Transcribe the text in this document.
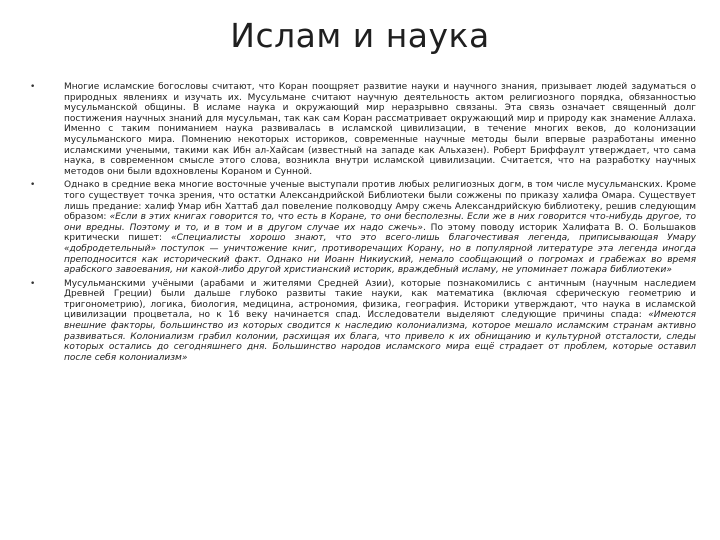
Ислам и наука
• Многие исламские богословы считают, что Коран поощряет развитие науки и научного знания, призывает людей задуматься о природных явлениях и изучать их. Мусульмане считают научную деятельность актом религиозного порядка, обязанностью мусульманской общины. В исламе наука и окружающий мир неразрывно связаны. Эта связь означает священный долг постижения научных знаний для мусульман, так как сам Коран рассматривает окружающий мир и природу как знамение Аллаха. Именно с таким пониманием наука развивалась в исламской цивилизации, в течение многих веков, до колонизации мусульманского мира. Помнению некоторых историков, современные научные методы были впервые разработаны именно исламскими учеными, такими как Ибн ал-Хайсам (известный на западе как Альхазен). Роберт Бриффаулт утверждает, что сама наука, в современном смысле этого слова, возникла внутри исламской цивилизации. Считается, что на разработку научных методов они были вдохновлены Кораном и Сунной.
• Однако в средние века многие восточные ученые выступали против любых религиозных догм, в том числе мусульманских. Кроме того существует точка зрения, что остатки Александрийской Библиотеки были сожжены по приказу халифа Омара. Существует лишь предание: халиф Умар ибн Хаттаб дал повеление полководцу Амру сжечь Александрийскую библиотеку, решив следующим образом: «Если в этих книгах говорится то, что есть в Коране, то они бесполезны. Если же в них говорится что-нибудь другое, то они вредны. Поэтому и то, и в том и в другом случае их надо сжечь». По этому поводу историк Халифата В. О. Большаков критически пишет: «Специалисты хорошо знают, что это всего-лишь благочестивая легенда, приписывающая Умару «добродетельный» поступок — уничтожение книг, противоречащих Корану, но в популярной литературе эта легенда иногда преподносится как исторический факт. Однако ни Иоанн Никиуский, немало сообщающий о погромах и грабежах во время арабского завоевания, ни какой-либо другой христианский историк, враждебный исламу, не упоминает пожара библиотеки»
• Мусульманскими учёными (арабами и жителями Средней Азии), которые познакомились с античным (научным наследием Древней Греции) были дальше глубоко развиты такие науки, как математика (включая сферическую геометрию и тригонометрию), логика, биология, медицина, астрономия, физика, география. Историки утверждают, что наука в исламской цивилизации процветала, но к 16 веку начинается спад. Исследователи выделяют следующие причины спада: «Имеются внешние факторы, большинство из которых сводится к наследию колониализма, которое мешало исламским странам активно развиваться. Колониализм грабил колонии, расхищая их блага, что привело к их обнищанию и культурной отсталости, следы которых остались до сегодняшнего дня. Большинство народов исламского мира ещё страдает от проблем, которые оставил после себя колониализм»
